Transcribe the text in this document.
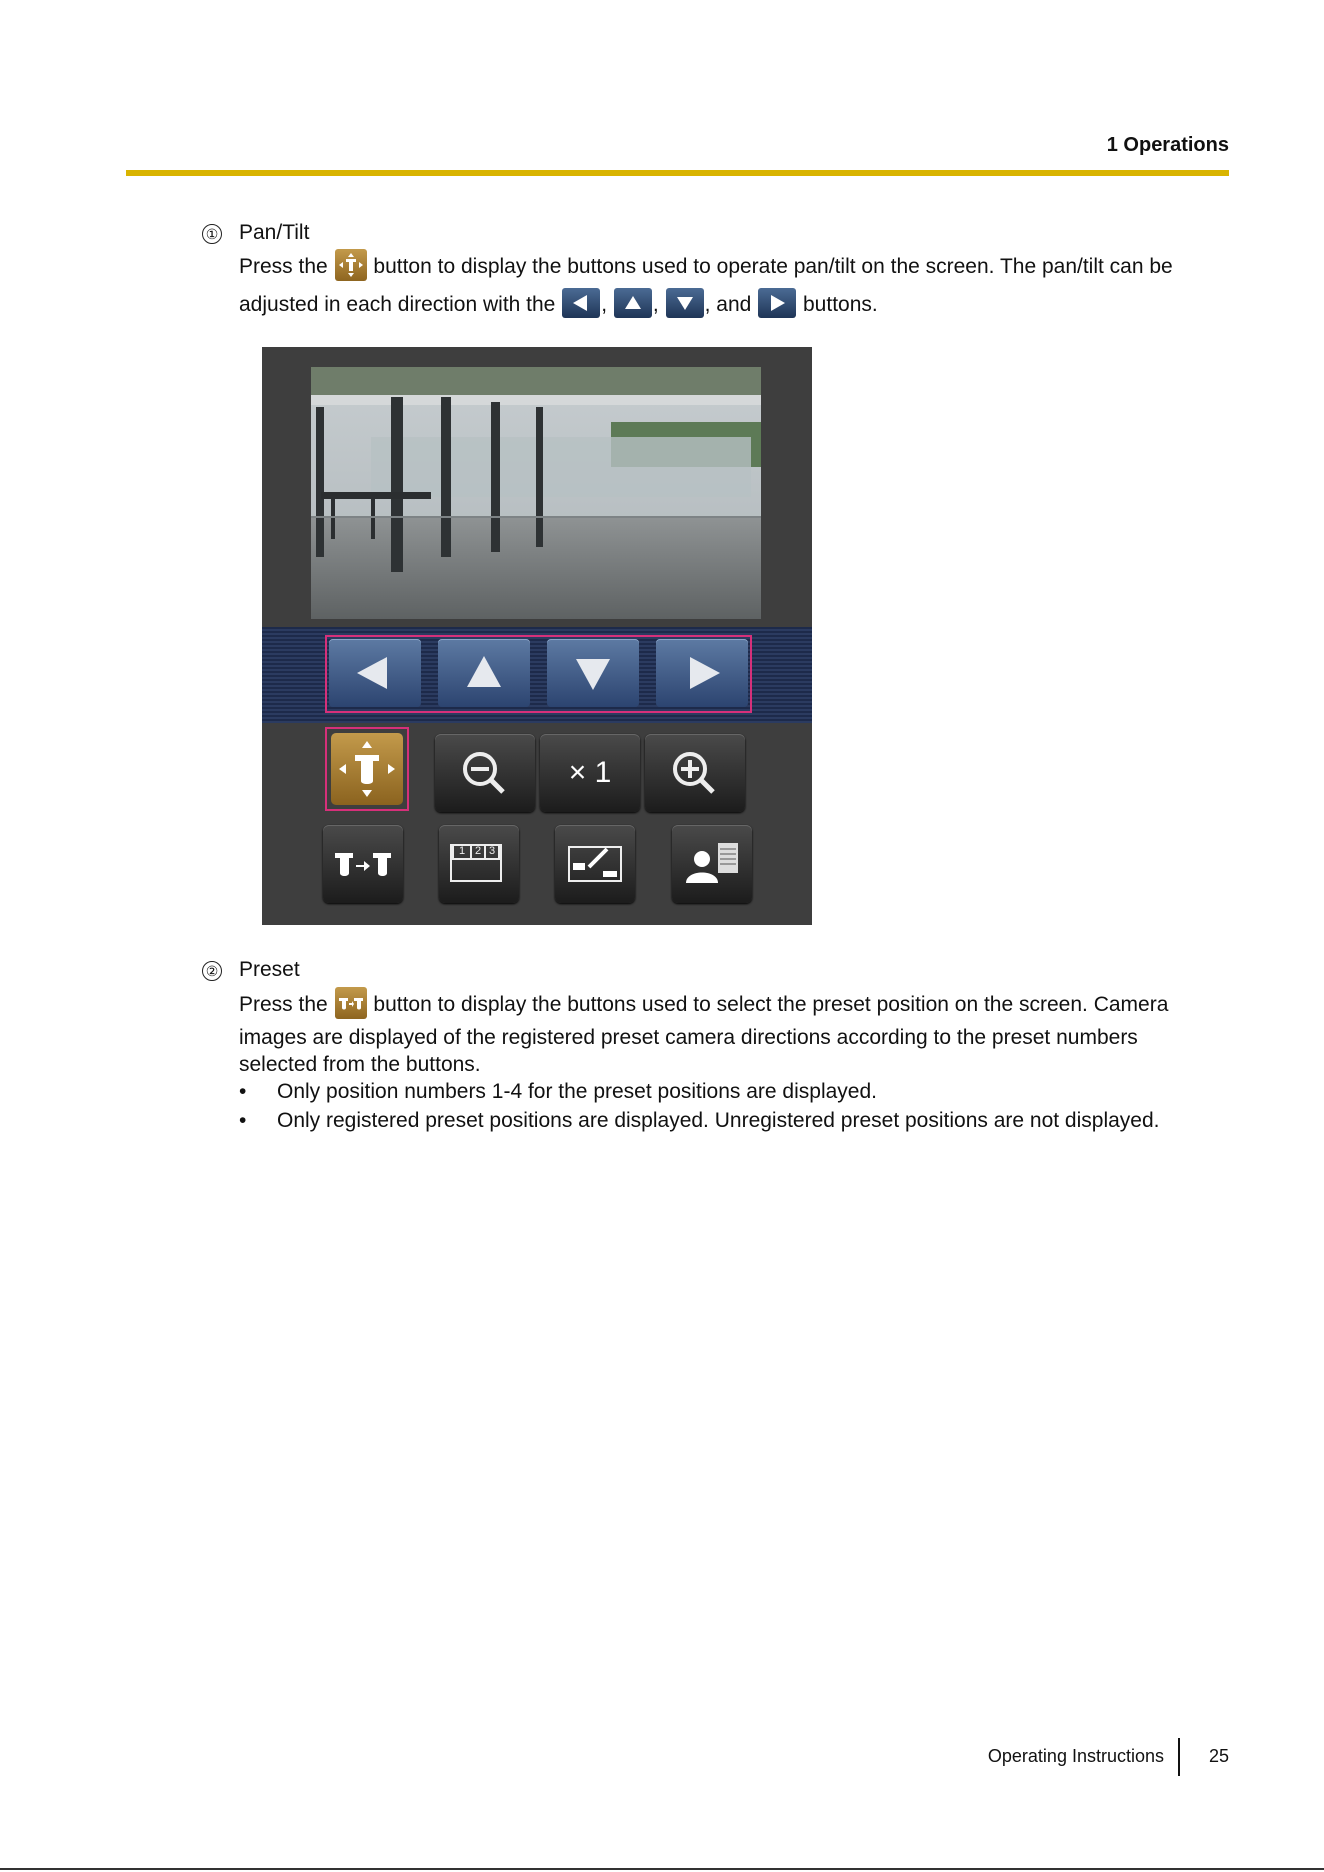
1 Operations
① Pan/Tilt
Press the button to display the buttons used to operate pan/tilt on the screen. The pan/tilt can be
adjusted in each direction with the , , , and buttons.
× 1
1 2 3
② Preset
Press the button to display the buttons used to select the preset position on the screen. Camera
images are displayed of the registered preset camera directions according to the preset numbers
selected from the buttons.
• Only position numbers 1-4 for the preset positions are displayed.
• Only registered preset positions are displayed. Unregistered preset positions are not displayed.
Operating Instructions	25
